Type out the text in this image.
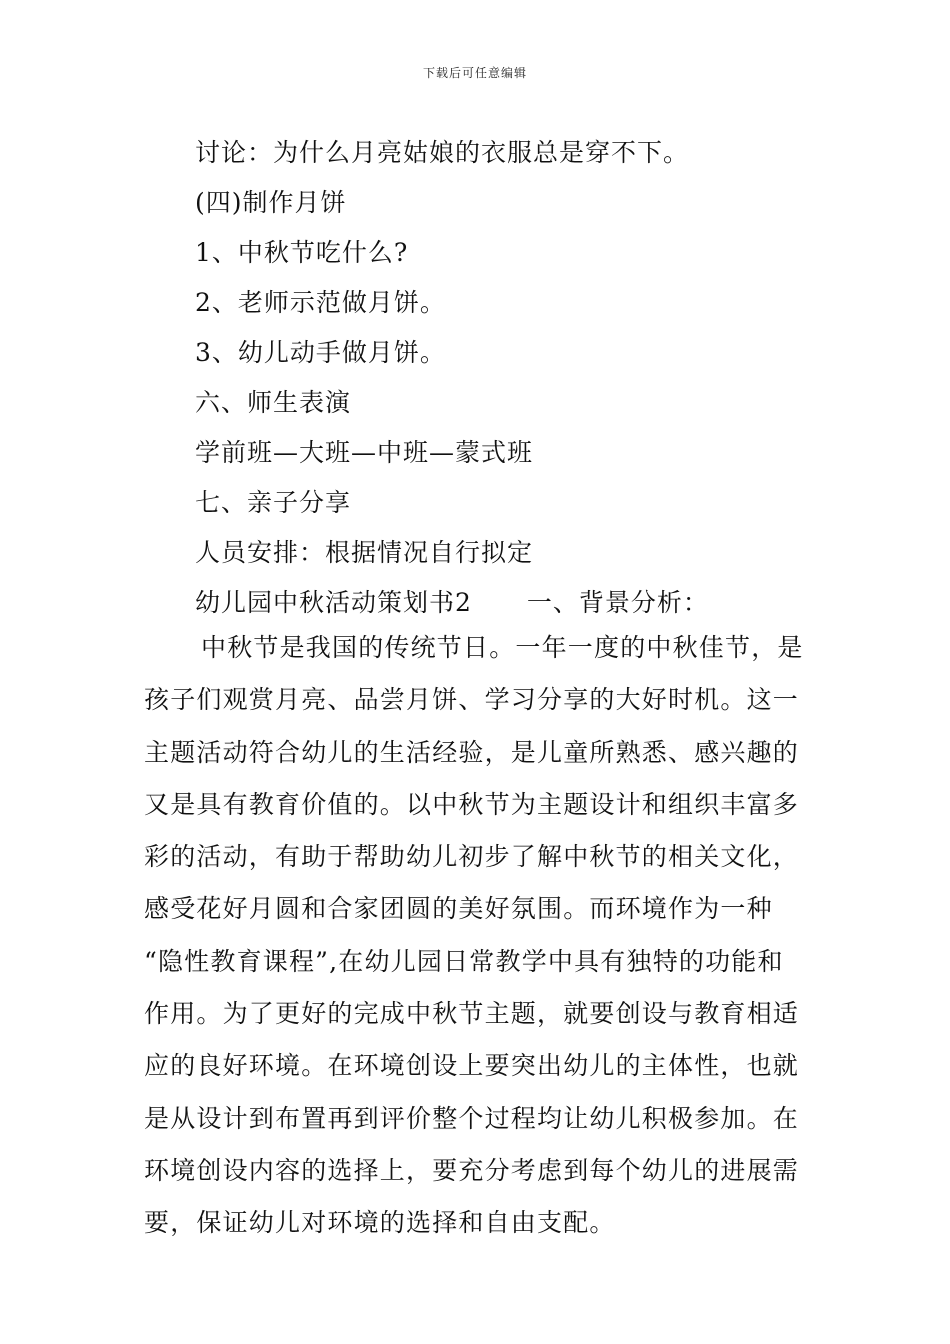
下载后可任意编辑
讨论：为什么月亮姑娘的衣服总是穿不下。
(四)制作月饼
1、中秋节吃什么?
2、老师示范做月饼。
3、幼儿动手做月饼。
六、师生表演
学前班—大班—中班—蒙式班
七、亲子分享
人员安排：根据情况自行拟定
幼儿园中秋活动策划书2 一、背景分析：
中秋节是我国的传统节日。一年一度的中秋佳节，是
孩子们观赏月亮、品尝月饼、学习分享的大好时机。这一
主题活动符合幼儿的生活经验，是儿童所熟悉、感兴趣的
又是具有教育价值的。以中秋节为主题设计和组织丰富多
彩的活动，有助于帮助幼儿初步了解中秋节的相关文化，
感受花好月圆和合家团圆的美好氛围。而环境作为一种
“隐性教育课程”,在幼儿园日常教学中具有独特的功能和
作用。为了更好的完成中秋节主题，就要创设与教育相适
应的良好环境。在环境创设上要突出幼儿的主体性，也就
是从设计到布置再到评价整个过程均让幼儿积极参加。在
环境创设内容的选择上，要充分考虑到每个幼儿的进展需
要，保证幼儿对环境的选择和自由支配。
